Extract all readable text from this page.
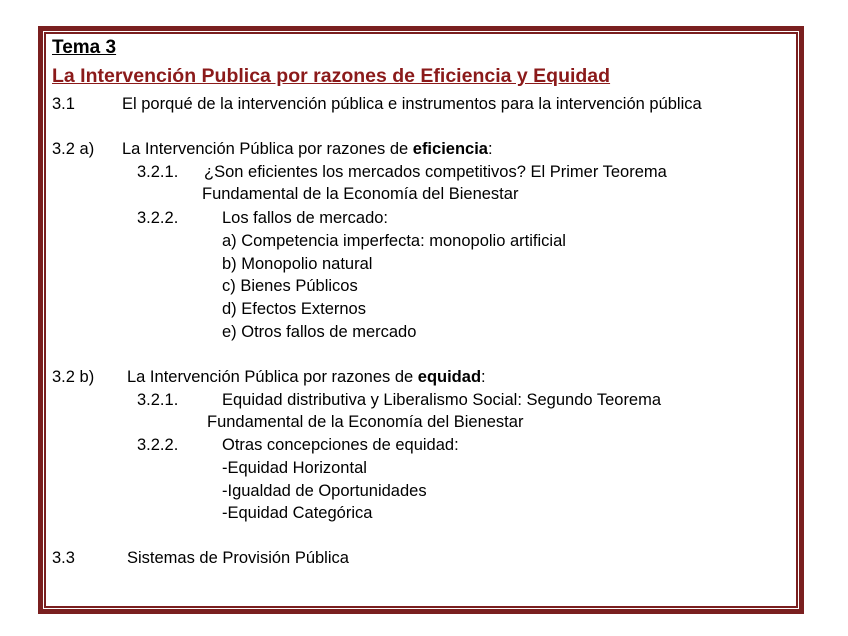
Tema 3
La Intervención Publica por razones de Eficiencia y Equidad
3.1	El porqué de la intervención pública e instrumentos para la intervención pública
3.2 a) La Intervención Pública por razones de eficiencia:
3.2.1. ¿Son eficientes los mercados competitivos? El Primer Teorema
Fundamental de la Economía del Bienestar
3.2.2.	Los fallos de mercado:
a) Competencia imperfecta: monopolio artificial
b) Monopolio natural
c) Bienes Públicos
d) Efectos Externos
e) Otros fallos de mercado
3.2 b) La Intervención Pública por razones de equidad:
3.2.1.	Equidad distributiva y Liberalismo Social: Segundo Teorema
Fundamental de la Economía del Bienestar
3.2.2.	Otras concepciones de equidad:
-Equidad Horizontal
-Igualdad de Oportunidades
-Equidad Categórica
3.3	Sistemas de Provisión Pública
